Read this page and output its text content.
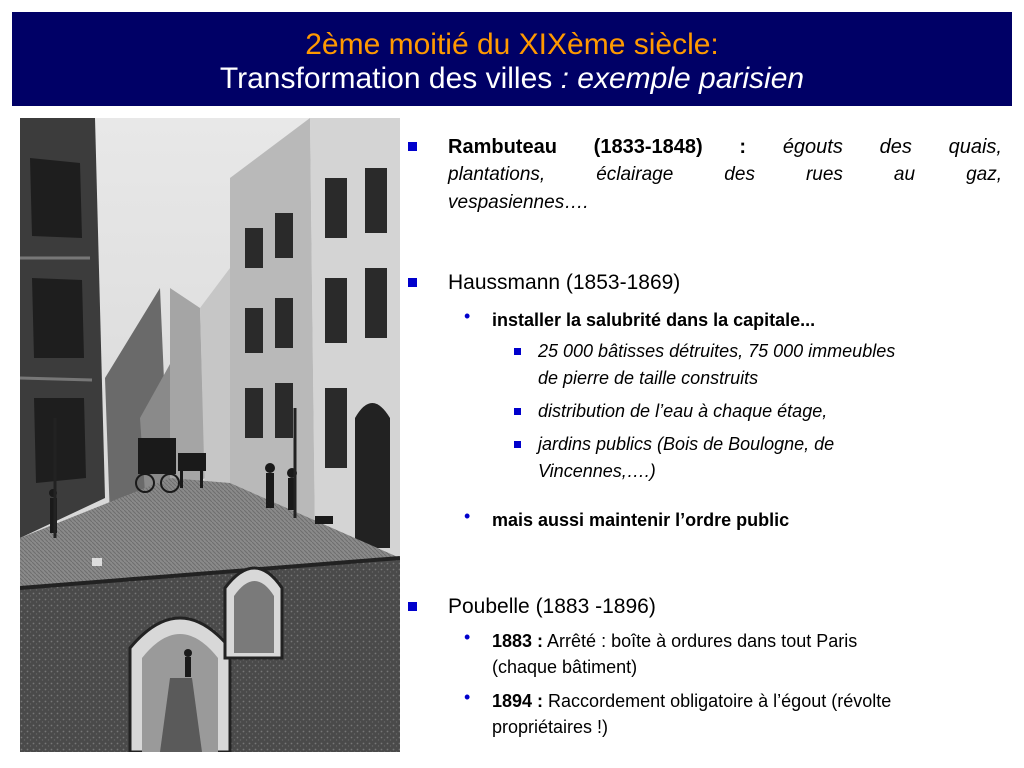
2ème moitié du XIXème siècle:
Transformation des villes : exemple parisien
Rambuteau (1833-1848) : égouts des quais,
plantations, éclairage des rues au gaz,
vespasiennes….
Haussmann (1853-1869)
• installer la salubrité dans la capitale...
25 000 bâtisses détruites, 75 000 immeubles
de pierre de taille construits
distribution de l’eau à chaque étage,
jardins publics (Bois de Boulogne, de
Vincennes,….)
• mais aussi maintenir l’ordre public
Poubelle (1883 -1896)
• 1883 : Arrêté : boîte à ordures dans tout Paris
(chaque bâtiment)
• 1894 : Raccordement obligatoire à l’égout (révolte
propriétaires !)
